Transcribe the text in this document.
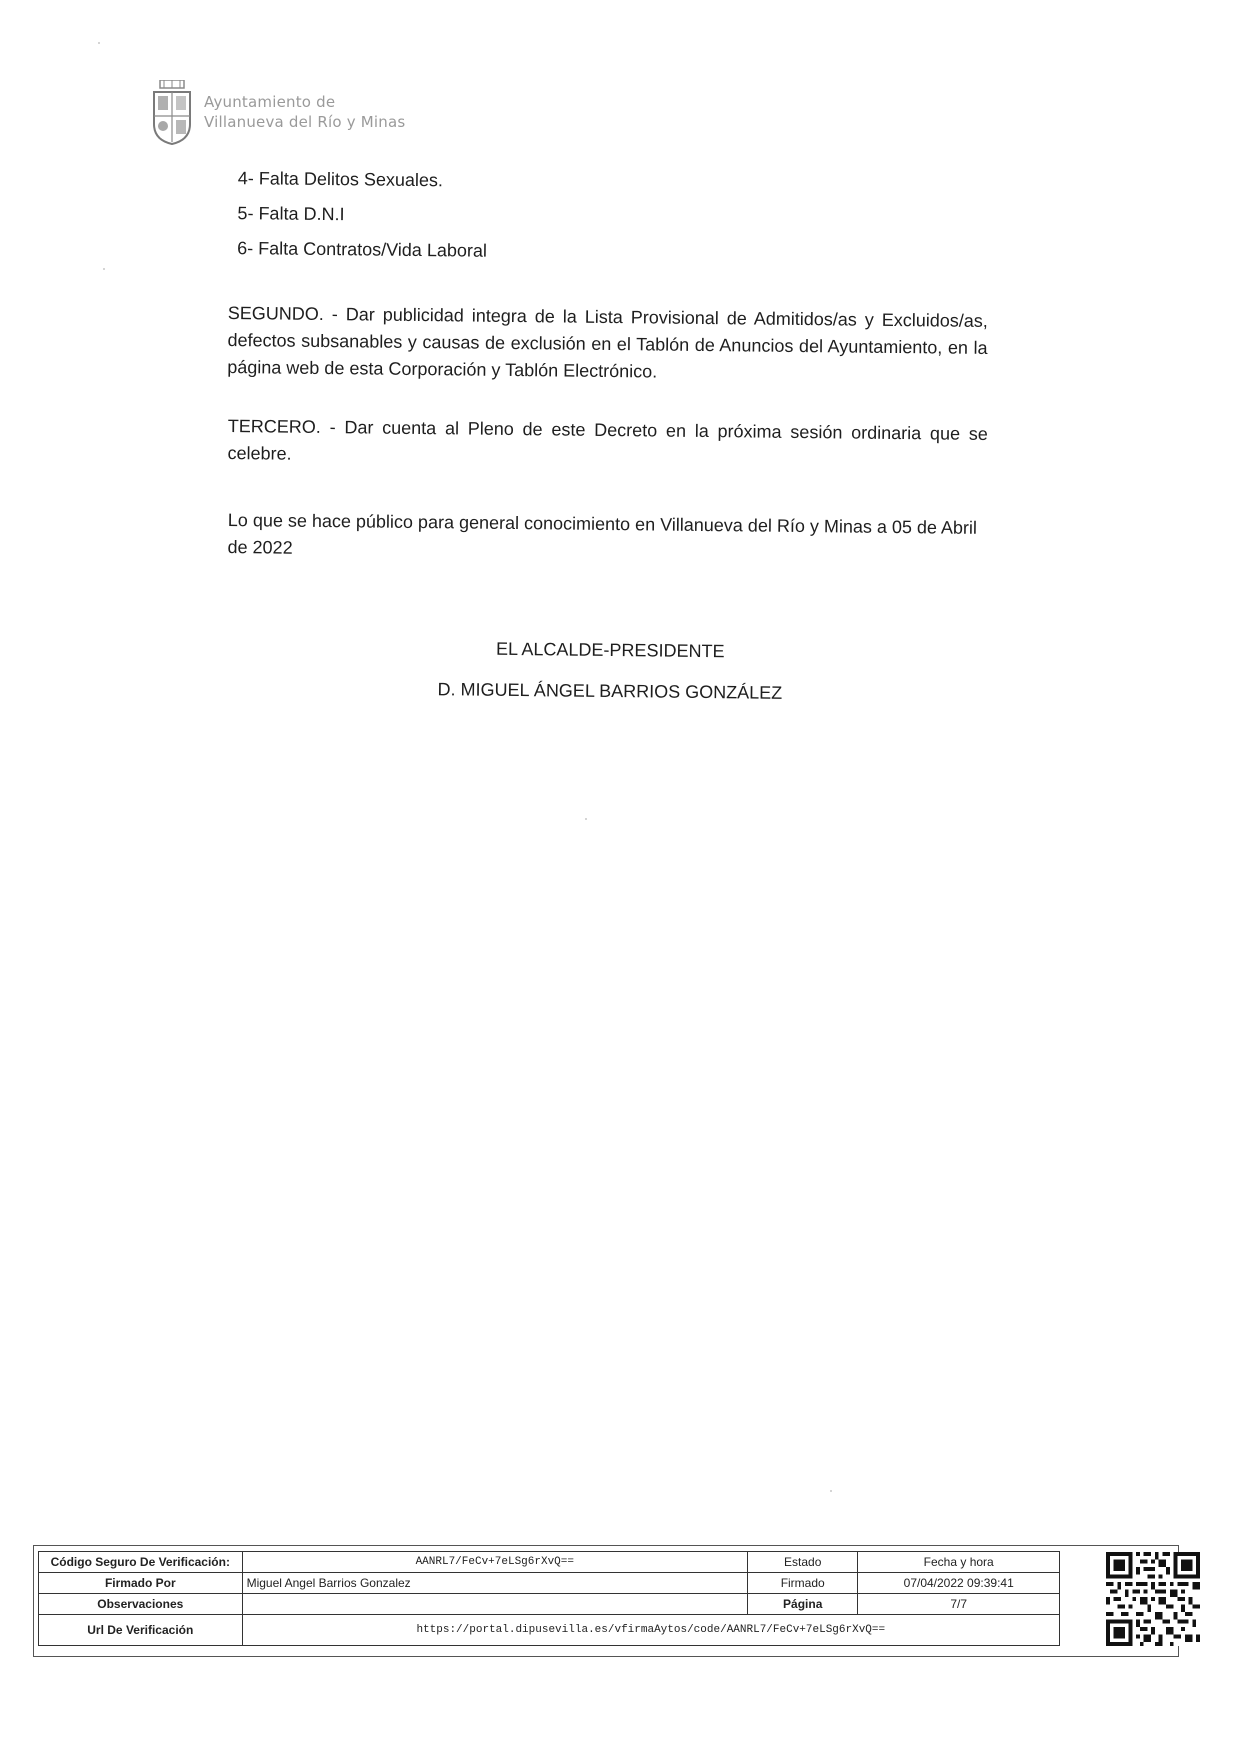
Ayuntamiento de
Villanueva del Río y Minas
4- Falta Delitos Sexuales.
5- Falta D.N.I
6- Falta Contratos/Vida Laboral

SEGUNDO. - Dar publicidad integra de la Lista Provisional de Admitidos/as y Excluidos/as, defectos subsanables y causas de exclusión en el Tablón de Anuncios del Ayuntamiento, en la página web de esta Corporación y Tablón Electrónico.

TERCERO. - Dar cuenta al Pleno de este Decreto en la próxima sesión ordinaria que se celebre.

Lo que se hace público para general conocimiento en Villanueva del Río y Minas a 05 de Abril de 2022

EL ALCALDE-PRESIDENTE
D. MIGUEL ÁNGEL BARRIOS GONZÁLEZ
Código Seguro De Verificación:	AANRL7/FeCv+7eLSg6rXvQ==	Estado	Fecha y hora
Firmado Por	Miguel Angel Barrios Gonzalez	Firmado	07/04/2022 09:39:41
Observaciones		Página	7/7
Url De Verificación	https://portal.dipusevilla.es/vfirmaAytos/code/AANRL7/FeCv+7eLSg6rXvQ==		
